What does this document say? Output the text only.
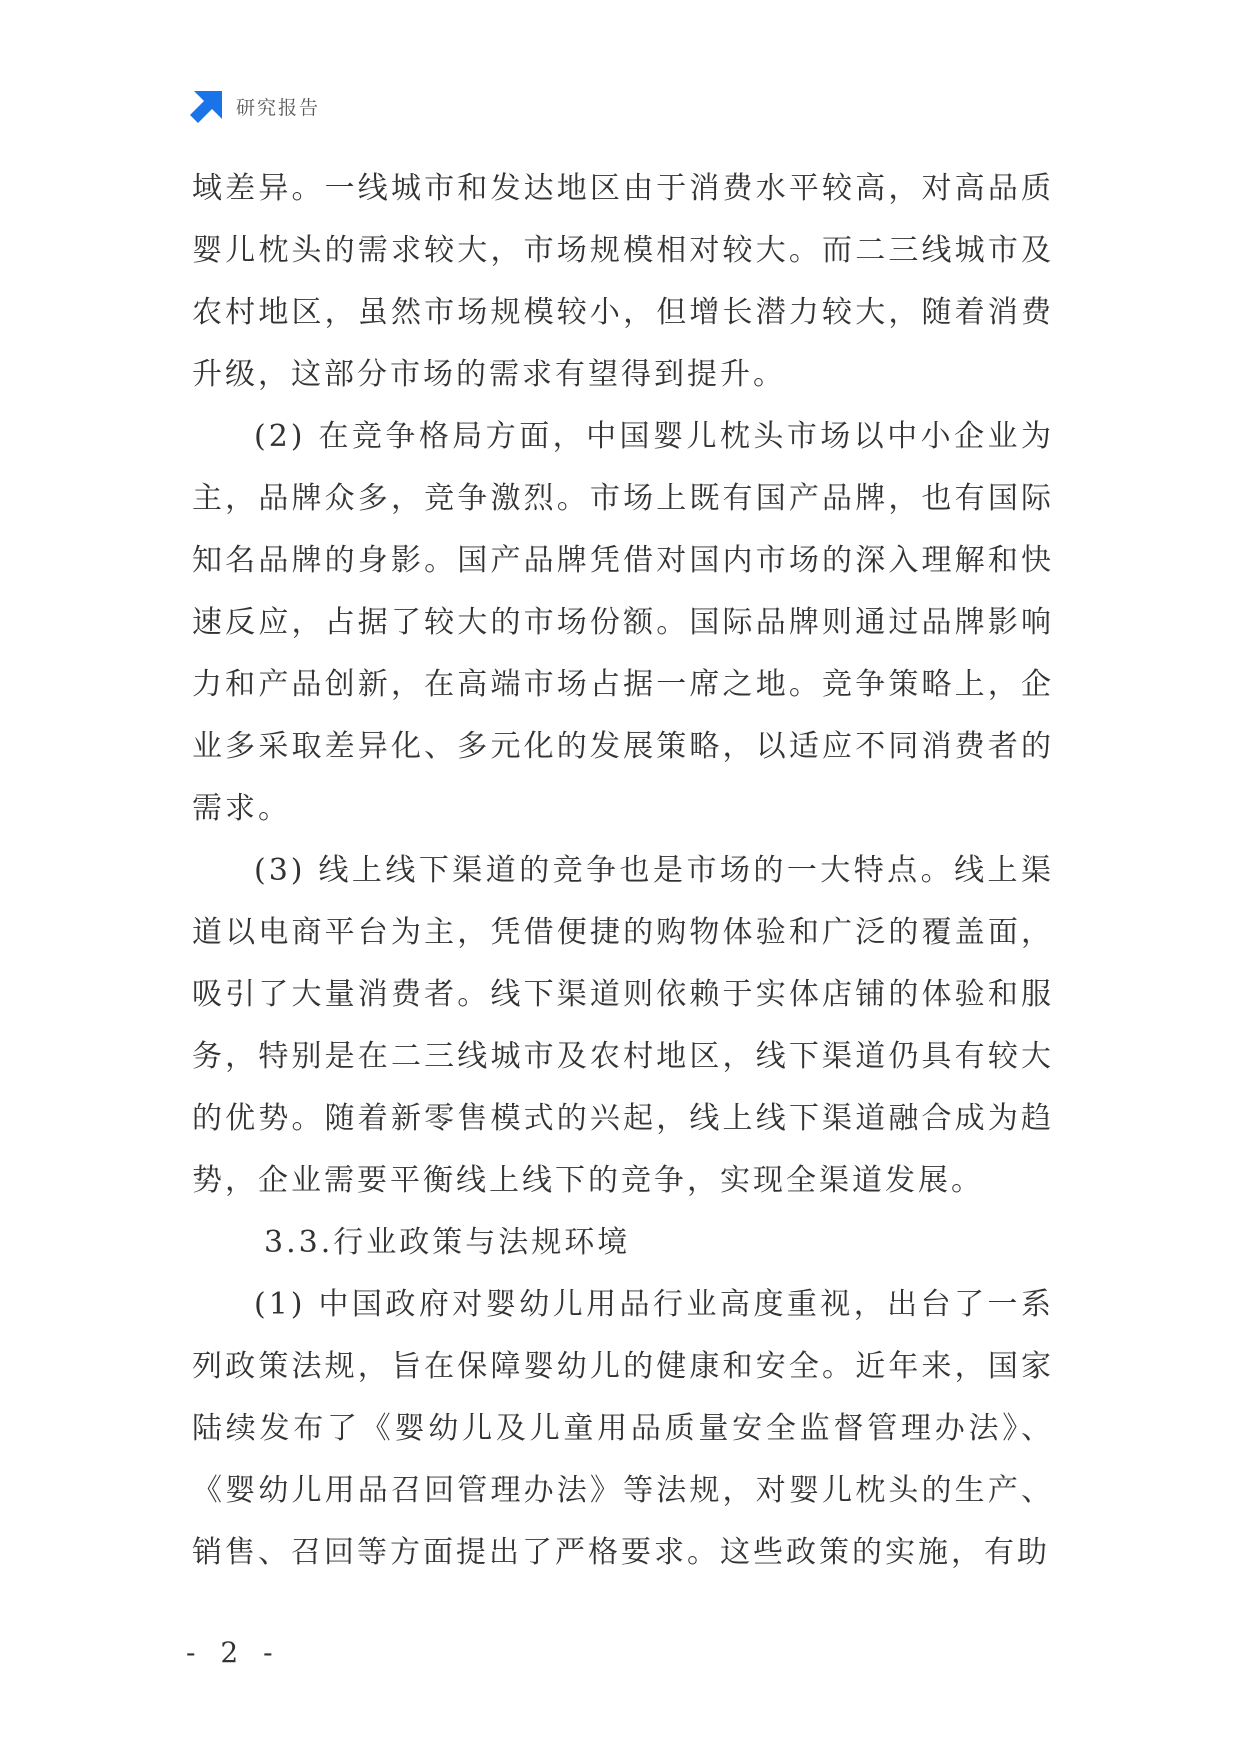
研究报告

域差异。一线城市和发达地区由于消费水平较高，对高品质婴儿枕头的需求较大，市场规模相对较大。而二三线城市及农村地区，虽然市场规模较小，但增长潜力较大，随着消费升级，这部分市场的需求有望得到提升。

(2) 在竞争格局方面，中国婴儿枕头市场以中小企业为主，品牌众多，竞争激烈。市场上既有国产品牌，也有国际知名品牌的身影。国产品牌凭借对国内市场的深入理解和快速反应，占据了较大的市场份额。国际品牌则通过品牌影响力和产品创新，在高端市场占据一席之地。竞争策略上，企业多采取差异化、多元化的发展策略，以适应不同消费者的需求。

(3) 线上线下渠道的竞争也是市场的一大特点。线上渠道以电商平台为主，凭借便捷的购物体验和广泛的覆盖面，吸引了大量消费者。线下渠道则依赖于实体店铺的体验和服务，特别是在二三线城市及农村地区，线下渠道仍具有较大的优势。随着新零售模式的兴起，线上线下渠道融合成为趋势，企业需要平衡线上线下的竞争，实现全渠道发展。

3.3.行业政策与法规环境

(1) 中国政府对婴幼儿用品行业高度重视，出台了一系列政策法规，旨在保障婴幼儿的健康和安全。近年来，国家陆续发布了《婴幼儿及儿童用品质量安全监督管理办法》、《婴幼儿用品召回管理办法》等法规，对婴儿枕头的生产、销售、召回等方面提出了严格要求。这些政策的实施，有助

- 2 -
